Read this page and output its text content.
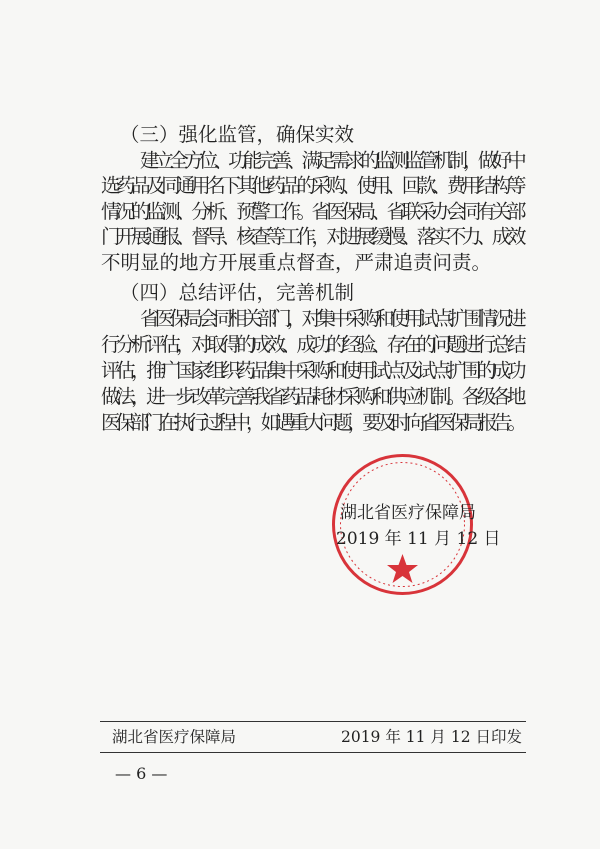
（三）强化监管，确保实效
建立全方位、功能完善、满足需求的监测监管机制，做好中
选药品及同通用名下其他药品的采购、使用、回款、费用结构等
情况的监测、分析、预警工作。省医保局、省联采办会同有关部
门开展通报、督导、核查等工作，对进展缓慢、落实不力、成效
不明显的地方开展重点督查，严肃追责问责。
（四）总结评估，完善机制
省医保局会同相关部门，对集中采购和使用试点扩围情况进
行分析评估，对取得的成效、成功的经验、存在的问题进行总结
评估，推广国家组织药品集中采购和使用试点及试点扩围的成功
做法，进一步改革完善我省药品耗材采购和供应机制。各级各地
医保部门在执行过程中，如遇重大问题，要及时向省医保局报告。
湖北省医疗保障局
2019 年 11 月 12 日
湖北省医疗保障局	2019 年 11 月 12 日印发
— 6 —
